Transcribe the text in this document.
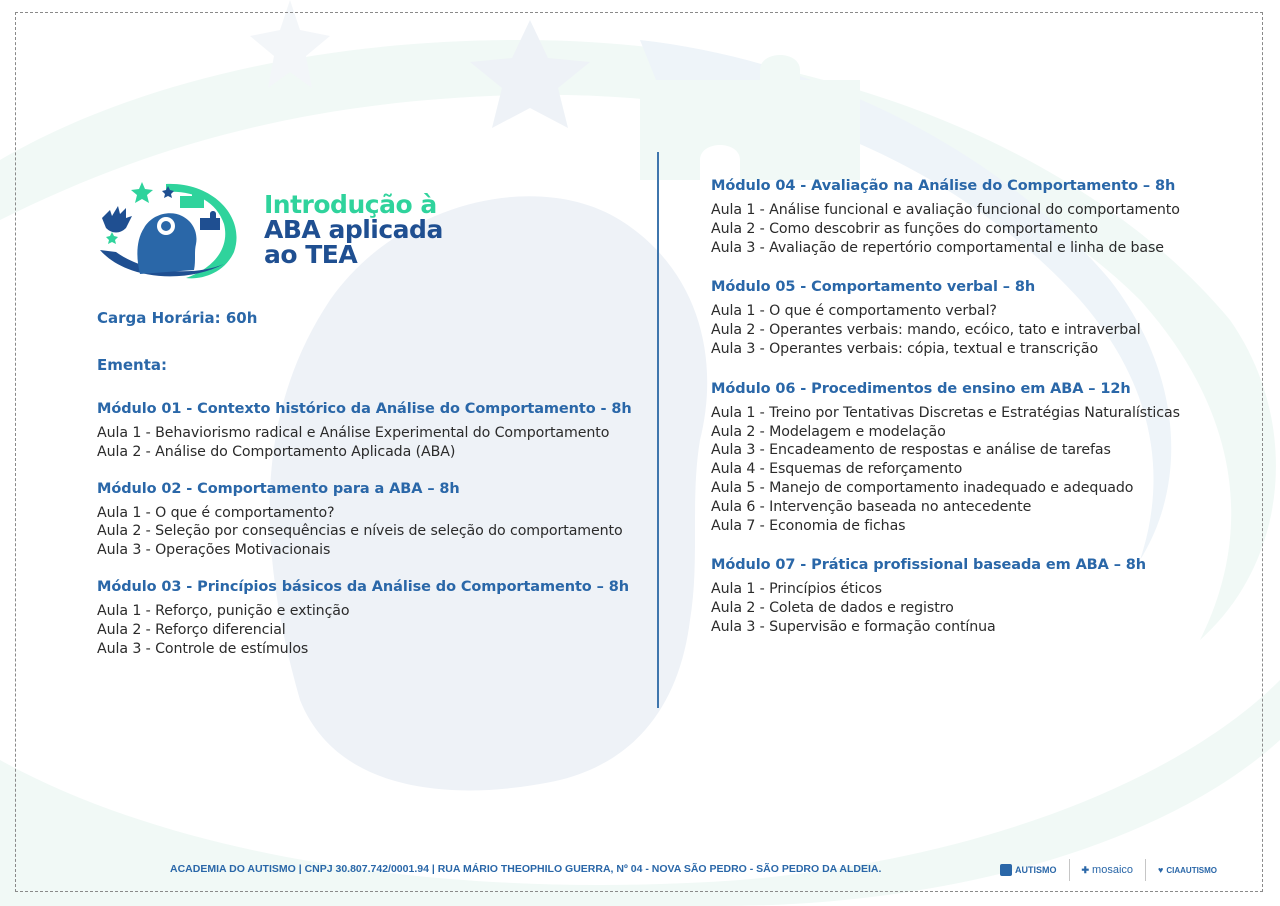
Introdução à
ABA aplicada
ao TEA
Carga Horária: 60h
Ementa:
Módulo 01 - Contexto histórico da Análise do Comportamento - 8h
Aula 1 - Behaviorismo radical e Análise Experimental do Comportamento
Aula 2 - Análise do Comportamento Aplicada (ABA)
Módulo 02 - Comportamento para a ABA – 8h
Aula 1 - O que é comportamento?
Aula 2 - Seleção por consequências e níveis de seleção do comportamento
Aula 3 - Operações Motivacionais
Módulo 03 - Princípios básicos da Análise do Comportamento – 8h
Aula 1 - Reforço, punição e extinção
Aula 2 - Reforço diferencial
Aula 3 - Controle de estímulos
Módulo 04 - Avaliação na Análise do Comportamento – 8h
Aula 1 - Análise funcional e avaliação funcional do comportamento
Aula 2 - Como descobrir as funções do comportamento
Aula 3 - Avaliação de repertório comportamental e linha de base
Módulo 05 - Comportamento verbal – 8h
Aula 1 - O que é comportamento verbal?
Aula 2 - Operantes verbais: mando, ecóico, tato e intraverbal
Aula 3 - Operantes verbais: cópia, textual e transcrição
Módulo 06 - Procedimentos de ensino em ABA – 12h
Aula 1 - Treino por Tentativas Discretas e Estratégias Naturalísticas
Aula 2 - Modelagem e modelação
Aula 3 - Encadeamento de respostas e análise de tarefas
Aula 4 - Esquemas de reforçamento
Aula 5 - Manejo de comportamento inadequado e adequado
Aula 6 - Intervenção baseada no antecedente
Aula 7 - Economia de fichas
Módulo 07 - Prática profissional baseada em ABA – 8h
Aula 1 - Princípios éticos
Aula 2 - Coleta de dados e registro
Aula 3 - Supervisão e formação contínua
ACADEMIA DO AUTISMO | CNPJ 30.807.742/0001.94 | RUA MÁRIO THEOPHILO GUERRA, Nº 04 - NOVA SÃO PEDRO - SÃO PEDRO DA ALDEIA.	AUTISMO	✚ mosaico	♥ CIAAUTISMO
